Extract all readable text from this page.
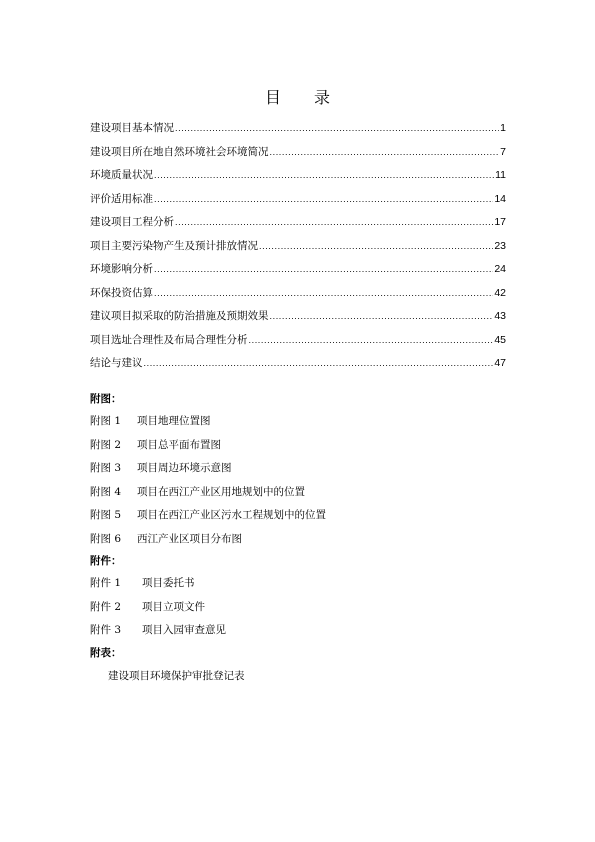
目 录
建设项目基本情况 .....	1
建设项目所在地自然环境社会环境简况 .....	7
环境质量状况 .....	11
评价适用标准 .....	14
建设项目工程分析 .....	17
项目主要污染物产生及预计排放情况 .....	23
环境影响分析 .....	24
环保投资估算 .....	42
建议项目拟采取的防治措施及预期效果 .....	43
项目选址合理性及布局合理性分析 .....	45
结论与建议 .....	47
附图：
附图 1 项目地理位置图
附图 2 项目总平面布置图
附图 3 项目周边环境示意图
附图 4 项目在西江产业区用地规划中的位置
附图 5 项目在西江产业区污水工程规划中的位置
附图 6 西江产业区项目分布图
附件：
附件 1 项目委托书
附件 2 项目立项文件
附件 3 项目入园审查意见
附表：
建设项目环境保护审批登记表
